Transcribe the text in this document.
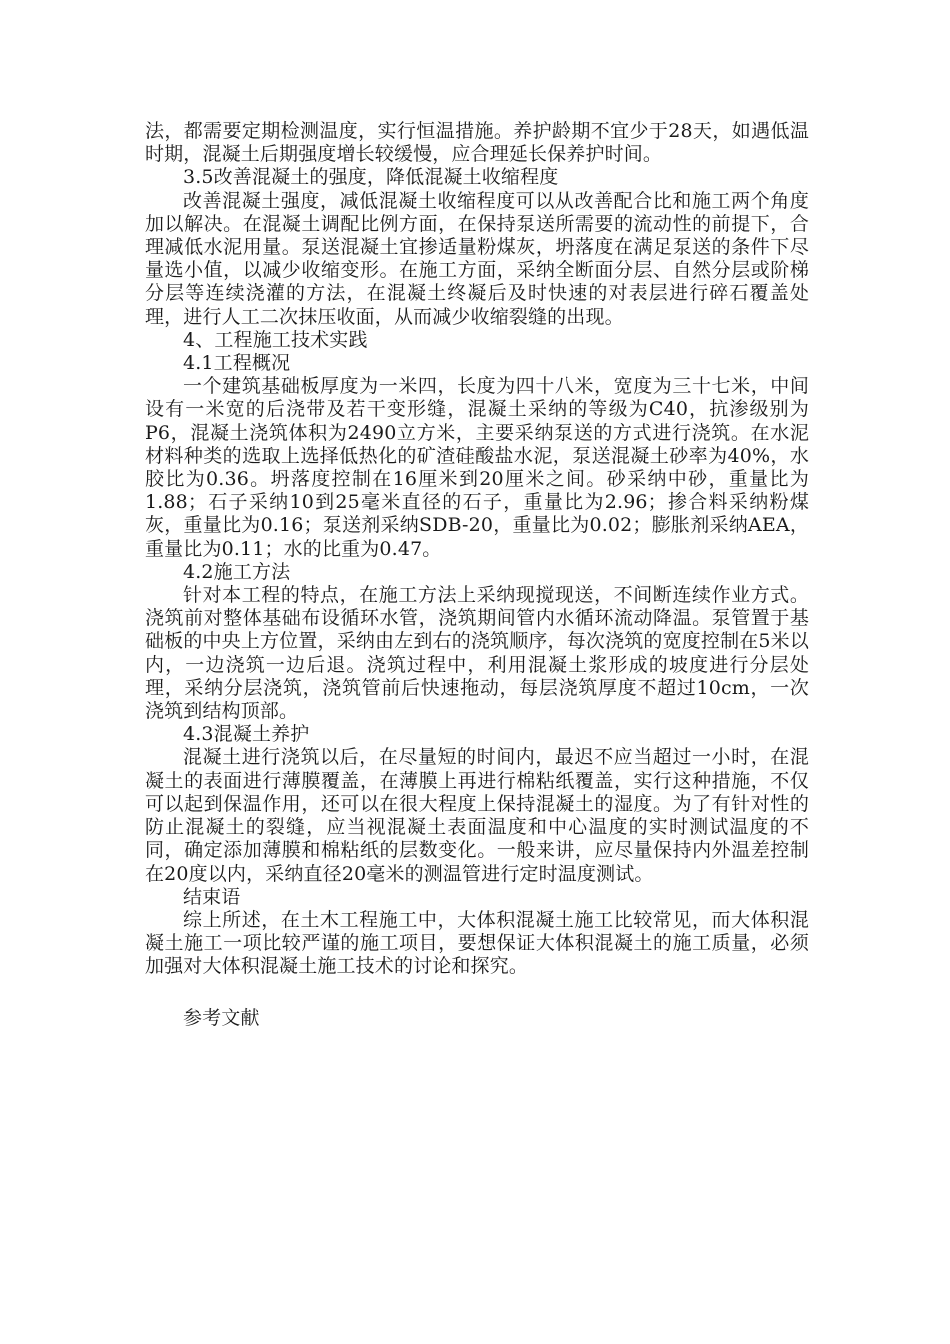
法，都需要定期检测温度，实行恒温措施。养护龄期不宜少于28天，如遇低温时期，混凝土后期强度增长较缓慢，应合理延长保养护时间。

3.5改善混凝土的强度，降低混凝土收缩程度

改善混凝土强度，减低混凝土收缩程度可以从改善配合比和施工两个角度加以解决。在混凝土调配比例方面，在保持泵送所需要的流动性的前提下，合理减低水泥用量。泵送混凝土宜掺适量粉煤灰，坍落度在满足泵送的条件下尽量选小值，以减少收缩变形。在施工方面，采纳全断面分层、自然分层或阶梯分层等连续浇灌的方法，在混凝土终凝后及时快速的对表层进行碎石覆盖处理，进行人工二次抹压收面，从而减少收缩裂缝的出现。

4、工程施工技术实践

4.1工程概况

一个建筑基础板厚度为一米四，长度为四十八米，宽度为三十七米，中间设有一米宽的后浇带及若干变形缝，混凝土采纳的等级为C40，抗渗级别为P6，混凝土浇筑体积为2490立方米，主要采纳泵送的方式进行浇筑。在水泥材料种类的选取上选择低热化的矿渣硅酸盐水泥，泵送混凝土砂率为40%，水胶比为0.36。坍落度控制在16厘米到20厘米之间。砂采纳中砂，重量比为1.88；石子采纳10到25毫米直径的石子，重量比为2.96；掺合料采纳粉煤灰，重量比为0.16；泵送剂采纳SDB-20，重量比为0.02；膨胀剂采纳AEA，重量比为0.11；水的比重为0.47。

4.2施工方法

针对本工程的特点，在施工方法上采纳现搅现送，不间断连续作业方式。浇筑前对整体基础布设循环水管，浇筑期间管内水循环流动降温。泵管置于基础板的中央上方位置，采纳由左到右的浇筑顺序，每次浇筑的宽度控制在5米以内，一边浇筑一边后退。浇筑过程中，利用混凝土浆形成的坡度进行分层处理，采纳分层浇筑，浇筑管前后快速拖动，每层浇筑厚度不超过10cm，一次浇筑到结构顶部。

4.3混凝土养护

混凝土进行浇筑以后，在尽量短的时间内，最迟不应当超过一小时，在混凝土的表面进行薄膜覆盖，在薄膜上再进行棉粘纸覆盖，实行这种措施，不仅可以起到保温作用，还可以在很大程度上保持混凝土的湿度。为了有针对性的防止混凝土的裂缝，应当视混凝土表面温度和中心温度的实时测试温度的不同，确定添加薄膜和棉粘纸的层数变化。一般来讲，应尽量保持内外温差控制在20度以内，采纳直径20毫米的测温管进行定时温度测试。

结束语

综上所述，在土木工程施工中，大体积混凝土施工比较常见，而大体积混凝土施工一项比较严谨的施工项目，要想保证大体积混凝土的施工质量，必须加强对大体积混凝土施工技术的讨论和探究。

参考文献
